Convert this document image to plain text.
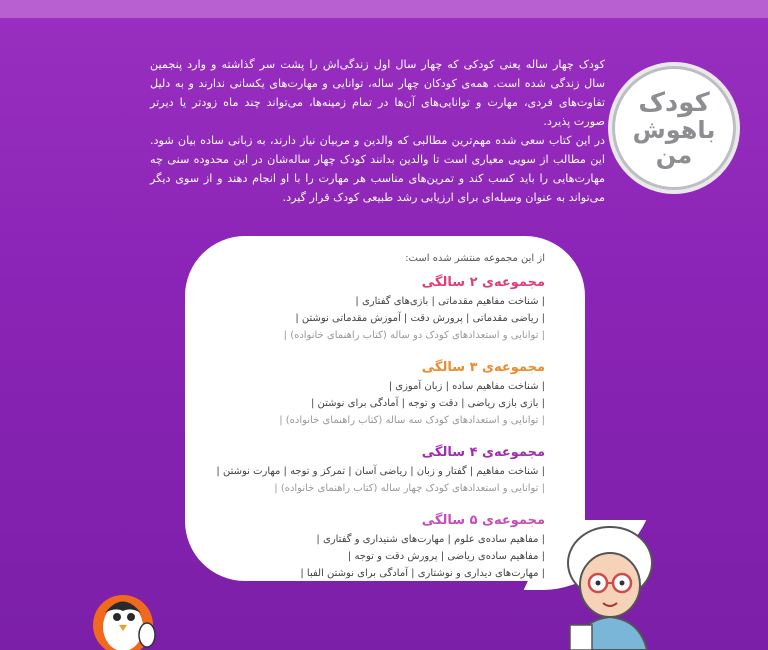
کودک چهار ساله یعنی کودکی که چهار سال اول زندگی‌اش را پشت سر گذاشته و وارد پنجمین سال زندگی شده است. همه‌ی کودکان چهار ساله، توانایی و مهارت‌های یکسانی ندارند و به دلیل تفاوت‌های فردی، مهارت و توانایی‌های آن‌ها در تمام زمینه‌ها، می‌تواند چند ماه زودتر یا دیرتر صورت پذیرد.

در این کتاب سعی شده مهم‌ترین مطالبی که والدین و مربیان نیاز دارند، به زبانی ساده بیان شود. این مطالب از سویی معیاری است تا والدین بدانند کودک چهار ساله‌شان در این محدوده سنی چه مهارت‌هایی را باید کسب کند و تمرین‌های مناسب هر مهارت را با او انجام دهند و از سوی دیگر می‌تواند به عنوان وسیله‌ای برای ارزیابی رشد طبیعی کودک قرار گیرد.

کودک
باهوش
من
از این مجموعه منتشر شده است:
مجموعه‌ی ۲ سالگی
| شناخت مفاهیم مقدماتی | بازی‌های گفتاری |
| ریاضی مقدماتی | پرورش دقت | آموزش مقدماتی نوشتن |
| توانایی و استعدادهای کودک دو ساله (کتاب راهنمای خانواده) |
مجموعه‌ی ۳ سالگی
| شناخت مفاهیم ساده | زبان آموزی |
| بازی بازی ریاضی | دقت و توجه | آمادگی برای نوشتن |
| توانایی و استعدادهای کودک سه ساله (کتاب راهنمای خانواده) |
مجموعه‌ی ۴ سالگی
| شناخت مفاهیم | گفتار و زبان | ریاضی آسان | تمرکز و توجه | مهارت نوشتن |
| توانایی و استعدادهای کودک چهار ساله (کتاب راهنمای خانواده) |
مجموعه‌ی ۵ سالگی
| مفاهیم ساده‌ی علوم | مهارت‌های شنیداری و گفتاری |
| مفاهیم ساده‌ی ریاضی | پرورش دقت و توجه |
| مهارت‌های دیداری و نوشتاری | آمادگی برای نوشتن الفبا |
